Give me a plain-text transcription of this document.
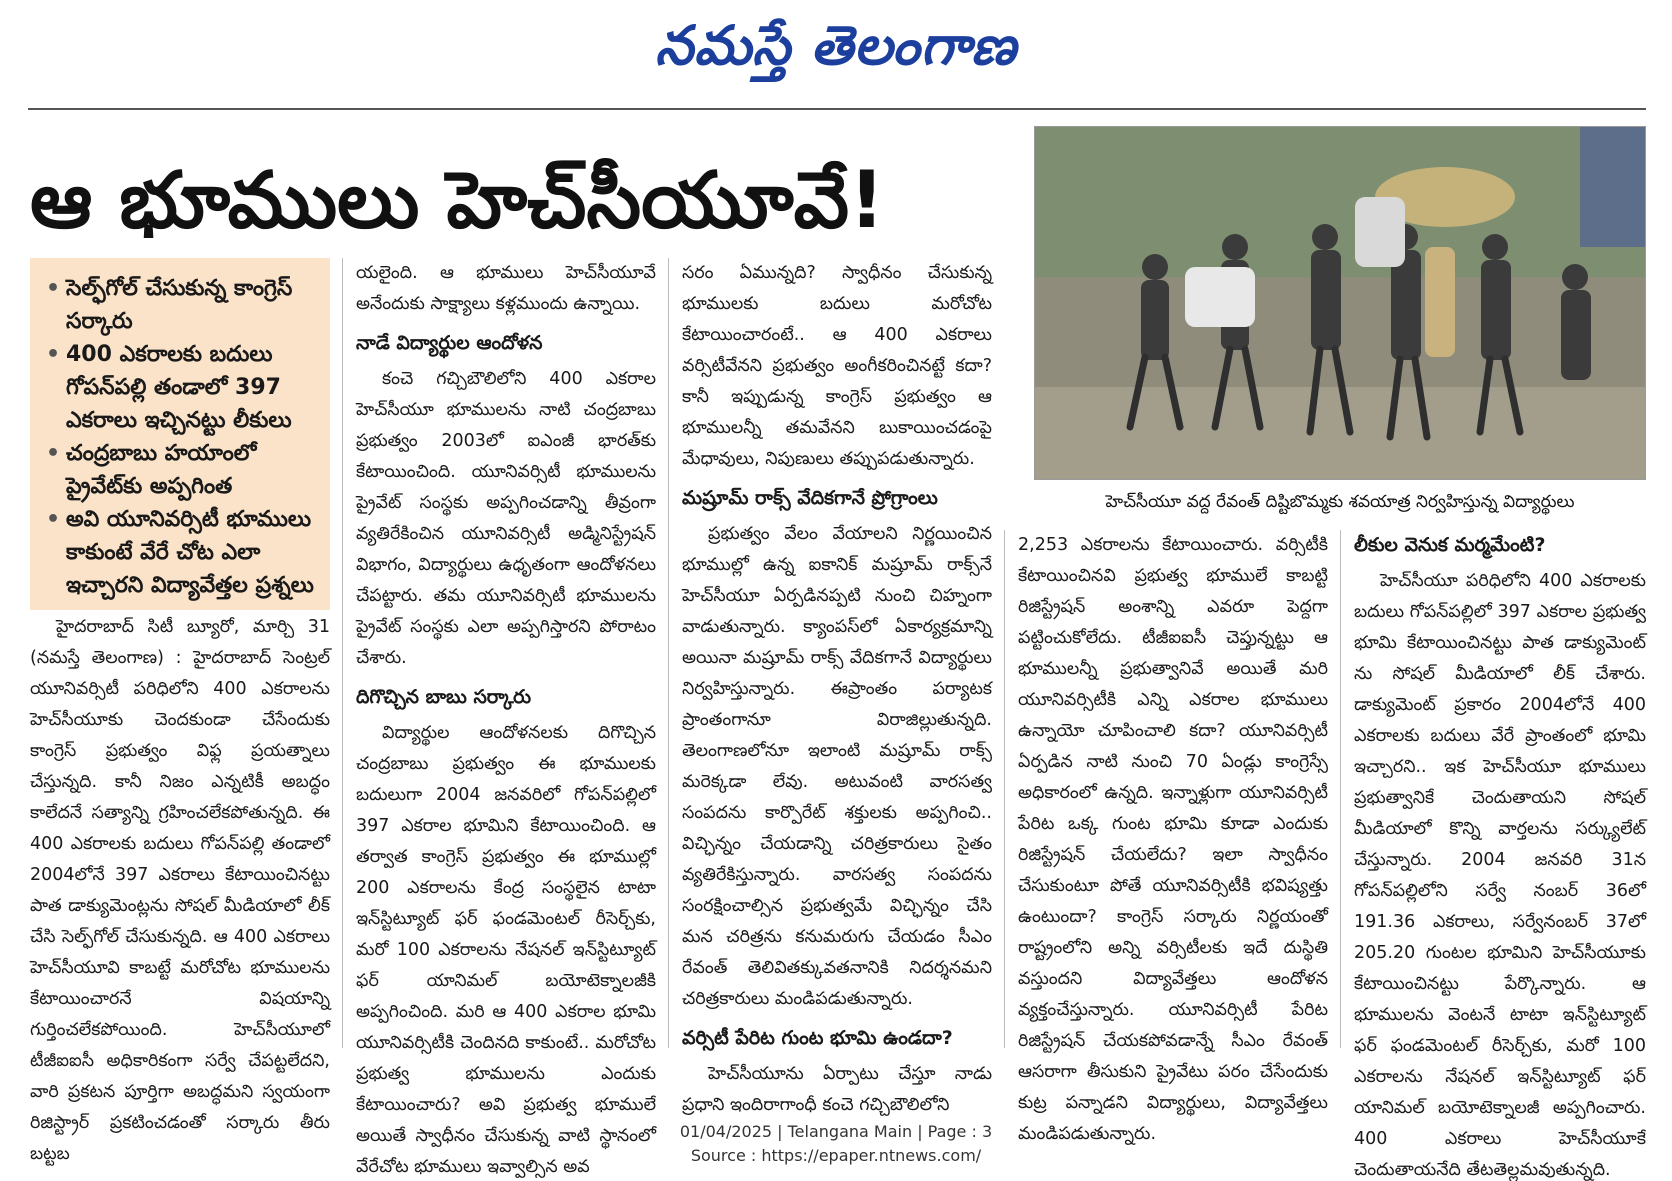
నమస్తే తెలంగాణ
ఆ భూములు హెచ్‌సీయూవే!
హెచ్‌సీయూ వద్ద రేవంత్ దిష్టిబొమ్మకు శవయాత్ర నిర్వహిస్తున్న విద్యార్థులు
• సెల్ఫ్‌గోల్ చేసుకున్న కాంగ్రెస్ సర్కారు
• 400 ఎకరాలకు బదులు గోపన్‌పల్లి తండాలో 397 ఎకరాలు ఇచ్చినట్టు లీకులు
• చంద్రబాబు హయాంలో ప్రైవేట్‌కు అప్పగింత
• అవి యూనివర్సిటీ భూములు కాకుంటే వేరే చోట ఎలా ఇచ్చారని విద్యావేత్తల ప్రశ్నలు

హైదరాబాద్ సిటీ బ్యూరో, మార్చి 31 (నమస్తే తెలంగాణ) : హైదరాబాద్ సెంట్రల్ యూనివర్సిటీ పరిధిలోని 400 ఎకరాలను హెచ్‌సీయూకు చెందకుండా చేసేందుకు కాంగ్రెస్ ప్రభుత్వం విఫ్ల ప్రయత్నాలు చేస్తున్నది. కానీ నిజం ఎన్నటికీ అబద్ధం కాలేదనే సత్యాన్ని గ్రహించలేకపోతున్నది. ఈ 400 ఎకరాలకు బదులు గోపన్‌పల్లి తండాలో 2004లోనే 397 ఎకరాలు కేటాయించినట్టు పాత డాక్యుమెంట్లను సోషల్ మీడియాలో లీక్ చేసి సెల్ఫ్‌గోల్ చేసుకున్నది. ఆ 400 ఎకరాలు హెచ్‌సీయూవి కాబట్టే మరోచోట భూములను కేటాయించారనే విషయాన్ని గుర్తించలేకపోయింది. హెచ్‌సీయూలో టీజీఐఐసీ అధికారికంగా సర్వే చేపట్టలేదని, వారి ప్రకటన పూర్తిగా అబద్ధమని స్వయంగా రిజిస్ట్రార్ ప్రకటించడంతో సర్కారు తీరు బట్టబ

యలైంది. ఆ భూములు హెచ్‌సీయూవే అనేందుకు సాక్ష్యాలు కళ్లముందు ఉన్నాయి.

నాడే విద్యార్థుల ఆందోళన

కంచె గచ్చిబౌలిలోని 400 ఎకరాల హెచ్‌సీయూ భూములను నాటి చంద్రబాబు ప్రభుత్వం 2003లో ఐఎంజీ భారత్‌కు కేటాయించింది. యూనివర్సిటీ భూములను ప్రైవేట్ సంస్థకు అప్పగించడాన్ని తీవ్రంగా వ్యతిరేకించిన యూనివర్సిటీ అడ్మినిస్ట్రేషన్ విభాగం, విద్యార్థులు ఉధృతంగా ఆందోళనలు చేపట్టారు. తమ యూనివర్సిటీ భూములను ప్రైవేట్ సంస్థకు ఎలా అప్పగిస్తారని పోరాటం చేశారు.

దిగొచ్చిన బాబు సర్కారు

విద్యార్థుల ఆందోళనలకు దిగొచ్చిన చంద్రబాబు ప్రభుత్వం ఈ భూములకు బదులుగా 2004 జనవరిలో గోపన్‌పల్లిలో 397 ఎకరాల భూమిని కేటాయించింది. ఆ తర్వాత కాంగ్రెస్ ప్రభుత్వం ఈ భూముల్లో 200 ఎకరాలను కేంద్ర సంస్థలైన టాటా ఇన్‌స్టిట్యూట్ ఫర్ ఫండమెంటల్ రీసెర్చ్‌కు, మరో 100 ఎకరాలను నేషనల్ ఇన్‌స్టిట్యూట్ ఫర్ యానిమల్ బయోటెక్నాలజీకి అప్పగించింది. మరి ఆ 400 ఎకరాల భూమి యూనివర్సిటీకి చెందినది కాకుంటే.. మరోచోట ప్రభుత్వ భూములను ఎందుకు కేటాయించారు? అవి ప్రభుత్వ భూములే అయితే స్వాధీనం చేసుకున్న వాటి స్థానంలో వేరేచోట భూములు ఇవ్వాల్సిన అవ

సరం ఏమున్నది? స్వాధీనం చేసుకున్న భూములకు బదులు మరోచోట కేటాయించారంటే.. ఆ 400 ఎకరాలు వర్సిటీవేనని ప్రభుత్వం అంగీకరించినట్టే కదా? కానీ ఇప్పుడున్న కాంగ్రెస్ ప్రభుత్వం ఆ భూములన్నీ తమవేనని బుకాయించడంపై మేధావులు, నిపుణులు తప్పుపడుతున్నారు.

మష్రూమ్ రాక్స్ వేదికగానే ప్రోగ్రాంలు

ప్రభుత్వం వేలం వేయాలని నిర్ణయించిన భూముల్లో ఉన్న ఐకానిక్ మష్రూమ్ రాక్స్‌నే హెచ్‌సీయూ ఏర్పడినప్పటి నుంచి చిహ్నంగా వాడుతున్నారు. క్యాంపస్‌లో ఏకార్యక్రమాన్ని అయినా మష్రూమ్ రాక్స్ వేదికగానే విద్యార్థులు నిర్వహిస్తున్నారు. ఈప్రాంతం పర్యాటక ప్రాంతంగానూ విరాజిల్లుతున్నది. తెలంగాణలోనూ ఇలాంటి మష్రూమ్ రాక్స్ మరెక్కడా లేవు. అటువంటి వారసత్వ సంపదను కార్పొరేట్ శక్తులకు అప్పగించి.. విచ్ఛిన్నం చేయడాన్ని చరిత్రకారులు సైతం వ్యతిరేకిస్తున్నారు. వారసత్వ సంపదను సంరక్షించాల్సిన ప్రభుత్వమే విచ్ఛిన్నం చేసి మన చరిత్రను కనుమరుగు చేయడం సీఎం రేవంత్ తెలివితక్కువతనానికి నిదర్శనమని చరిత్రకారులు మండిపడుతున్నారు.

వర్సిటీ పేరిట గుంట భూమి ఉండదా?

హెచ్‌సీయూను ఏర్పాటు చేస్తూ నాడు ప్రధాని ఇందిరాగాంధీ కంచె గచ్చిబౌలిలోని

2,253 ఎకరాలను కేటాయించారు. వర్సిటీకి కేటాయించినవి ప్రభుత్వ భూములే కాబట్టి రిజిస్ట్రేషన్ అంశాన్ని ఎవరూ పెద్దగా పట్టించుకోలేదు. టీజీఐఐసీ చెప్తున్నట్టు ఆ భూములన్నీ ప్రభుత్వానివే అయితే మరి యూనివర్సిటీకి ఎన్ని ఎకరాల భూములు ఉన్నాయో చూపించాలి కదా? యూనివర్సిటీ ఏర్పడిన నాటి నుంచి 70 ఏండ్లు కాంగ్రెస్సే అధికారంలో ఉన్నది. ఇన్నాళ్లుగా యూనివర్సిటీ పేరిట ఒక్క గుంట భూమి కూడా ఎందుకు రిజిస్ట్రేషన్ చేయలేదు? ఇలా స్వాధీనం చేసుకుంటూ పోతే యూనివర్సిటీకి భవిష్యత్తు ఉంటుందా? కాంగ్రెస్ సర్కారు నిర్ణయంతో రాష్ట్రంలోని అన్ని వర్సిటీలకు ఇదే దుస్థితి వస్తుందని విద్యావేత్తలు ఆందోళన వ్యక్తంచేస్తున్నారు. యూనివర్సిటీ పేరిట రిజిస్ట్రేషన్ చేయకపోవడాన్నే సీఎం రేవంత్ ఆసరాగా తీసుకుని ప్రైవేటు పరం చేసేందుకు కుట్ర పన్నాడని విద్యార్థులు, విద్యావేత్తలు మండిపడుతున్నారు.

లీకుల వెనుక మర్మమేంటి?

హెచ్‌సీయూ పరిధిలోని 400 ఎకరాలకు బదులు గోపన్‌పల్లిలో 397 ఎకరాల ప్రభుత్వ భూమి కేటాయించినట్టు పాత డాక్యుమెంట్ ను సోషల్ మీడియాలో లీక్ చేశారు. డాక్యుమెంట్ ప్రకారం 2004లోనే 400 ఎకరాలకు బదులు వేరే ప్రాంతంలో భూమి ఇచ్చారని.. ఇక హెచ్‌సీయూ భూములు ప్రభుత్వానికే చెందుతాయని సోషల్ మీడియాలో కొన్ని వార్తలను సర్క్యులేట్ చేస్తున్నారు. 2004 జనవరి 31న గోపన్‌పల్లిలోని సర్వే నంబర్ 36లో 191.36 ఎకరాలు, సర్వేనంబర్ 37లో 205.20 గుంటల భూమిని హెచ్‌సీయూకు కేటాయించినట్టు పేర్కొన్నారు. ఆ భూములను వెంటనే టాటా ఇన్‌స్టిట్యూట్ ఫర్ ఫండమెంటల్ రీసెర్చ్‌కు, మరో 100 ఎకరాలను నేషనల్ ఇన్‌స్టిట్యూట్ ఫర్ యానిమల్ బయోటెక్నాలజీ అప్పగించారు. 400 ఎకరాలు హెచ్‌సీయూకే చెందుతాయనేది తేటతెల్లమవుతున్నది.

01/04/2025 | Telangana Main | Page : 3
Source : https://epaper.ntnews.com/
